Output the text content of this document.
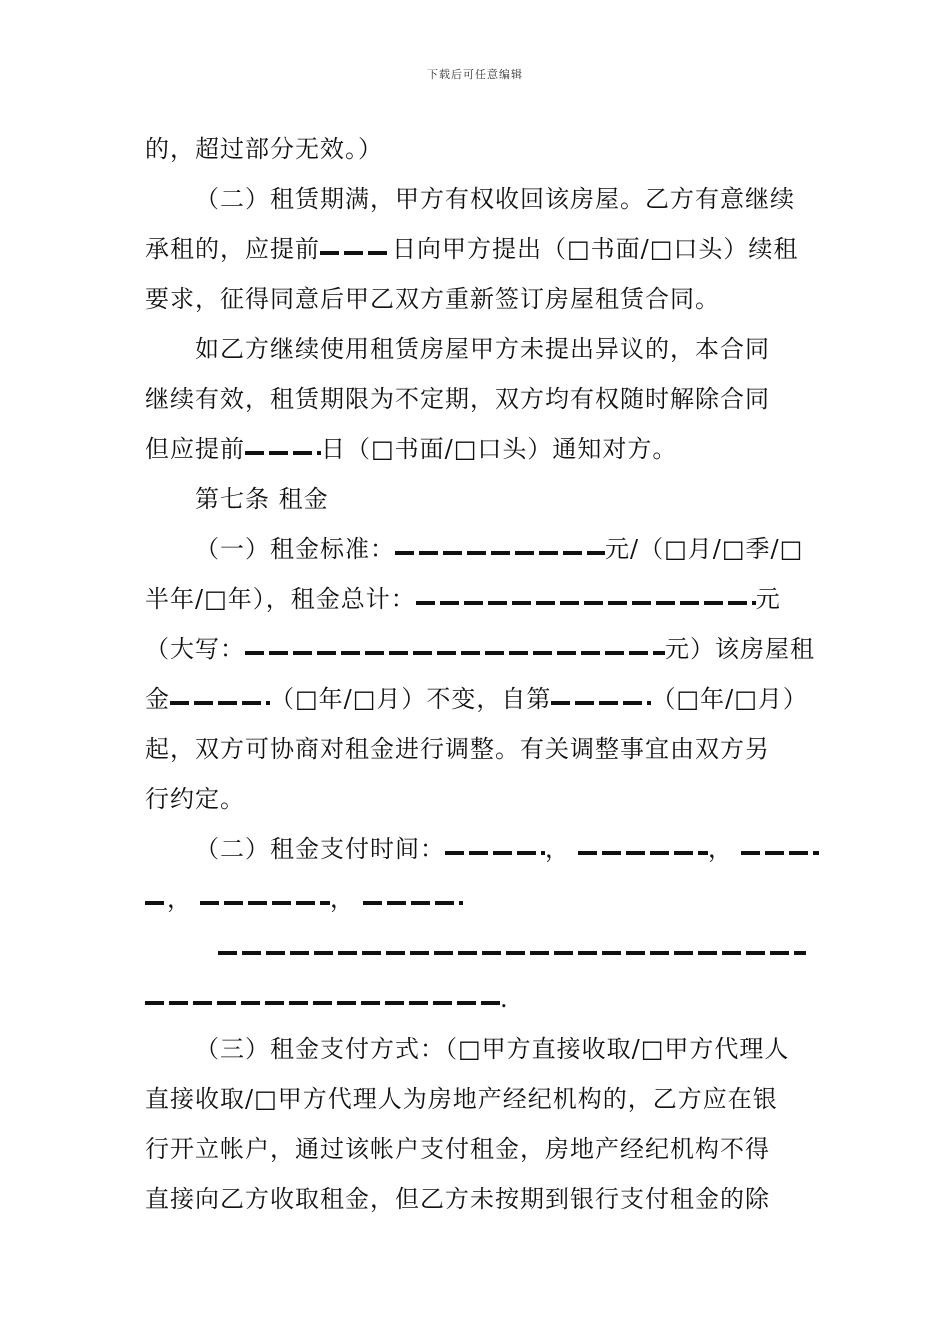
下载后可任意编辑
的，超过部分无效。）
（二）租赁期满，甲方有权收回该房屋。乙方有意继续
承租的，应提前	日向甲方提出（□书面/□口头）续租
要求，征得同意后甲乙双方重新签订房屋租赁合同。
如乙方继续使用租赁房屋甲方未提出异议的，本合同
继续有效，租赁期限为不定期，双方均有权随时解除合同
但应提前	日（□书面/□口头）通知对方。
第七条 租金
（一）租金标准：	元/（□月/□季/□
半年/□年），租金总计：	元
（大写：	元）该房屋租
金	（□年/□月）不变，自第	（□年/□月）
起，双方可协商对租金进行调整。有关调整事宜由双方另
行约定。
（二）租金支付时间：	，	，
，	，
.
（三）租金支付方式：（□甲方直接收取/□甲方代理人
直接收取/□甲方代理人为房地产经纪机构的，乙方应在银
行开立帐户，通过该帐户支付租金，房地产经纪机构不得
直接向乙方收取租金，但乙方未按期到银行支付租金的除
